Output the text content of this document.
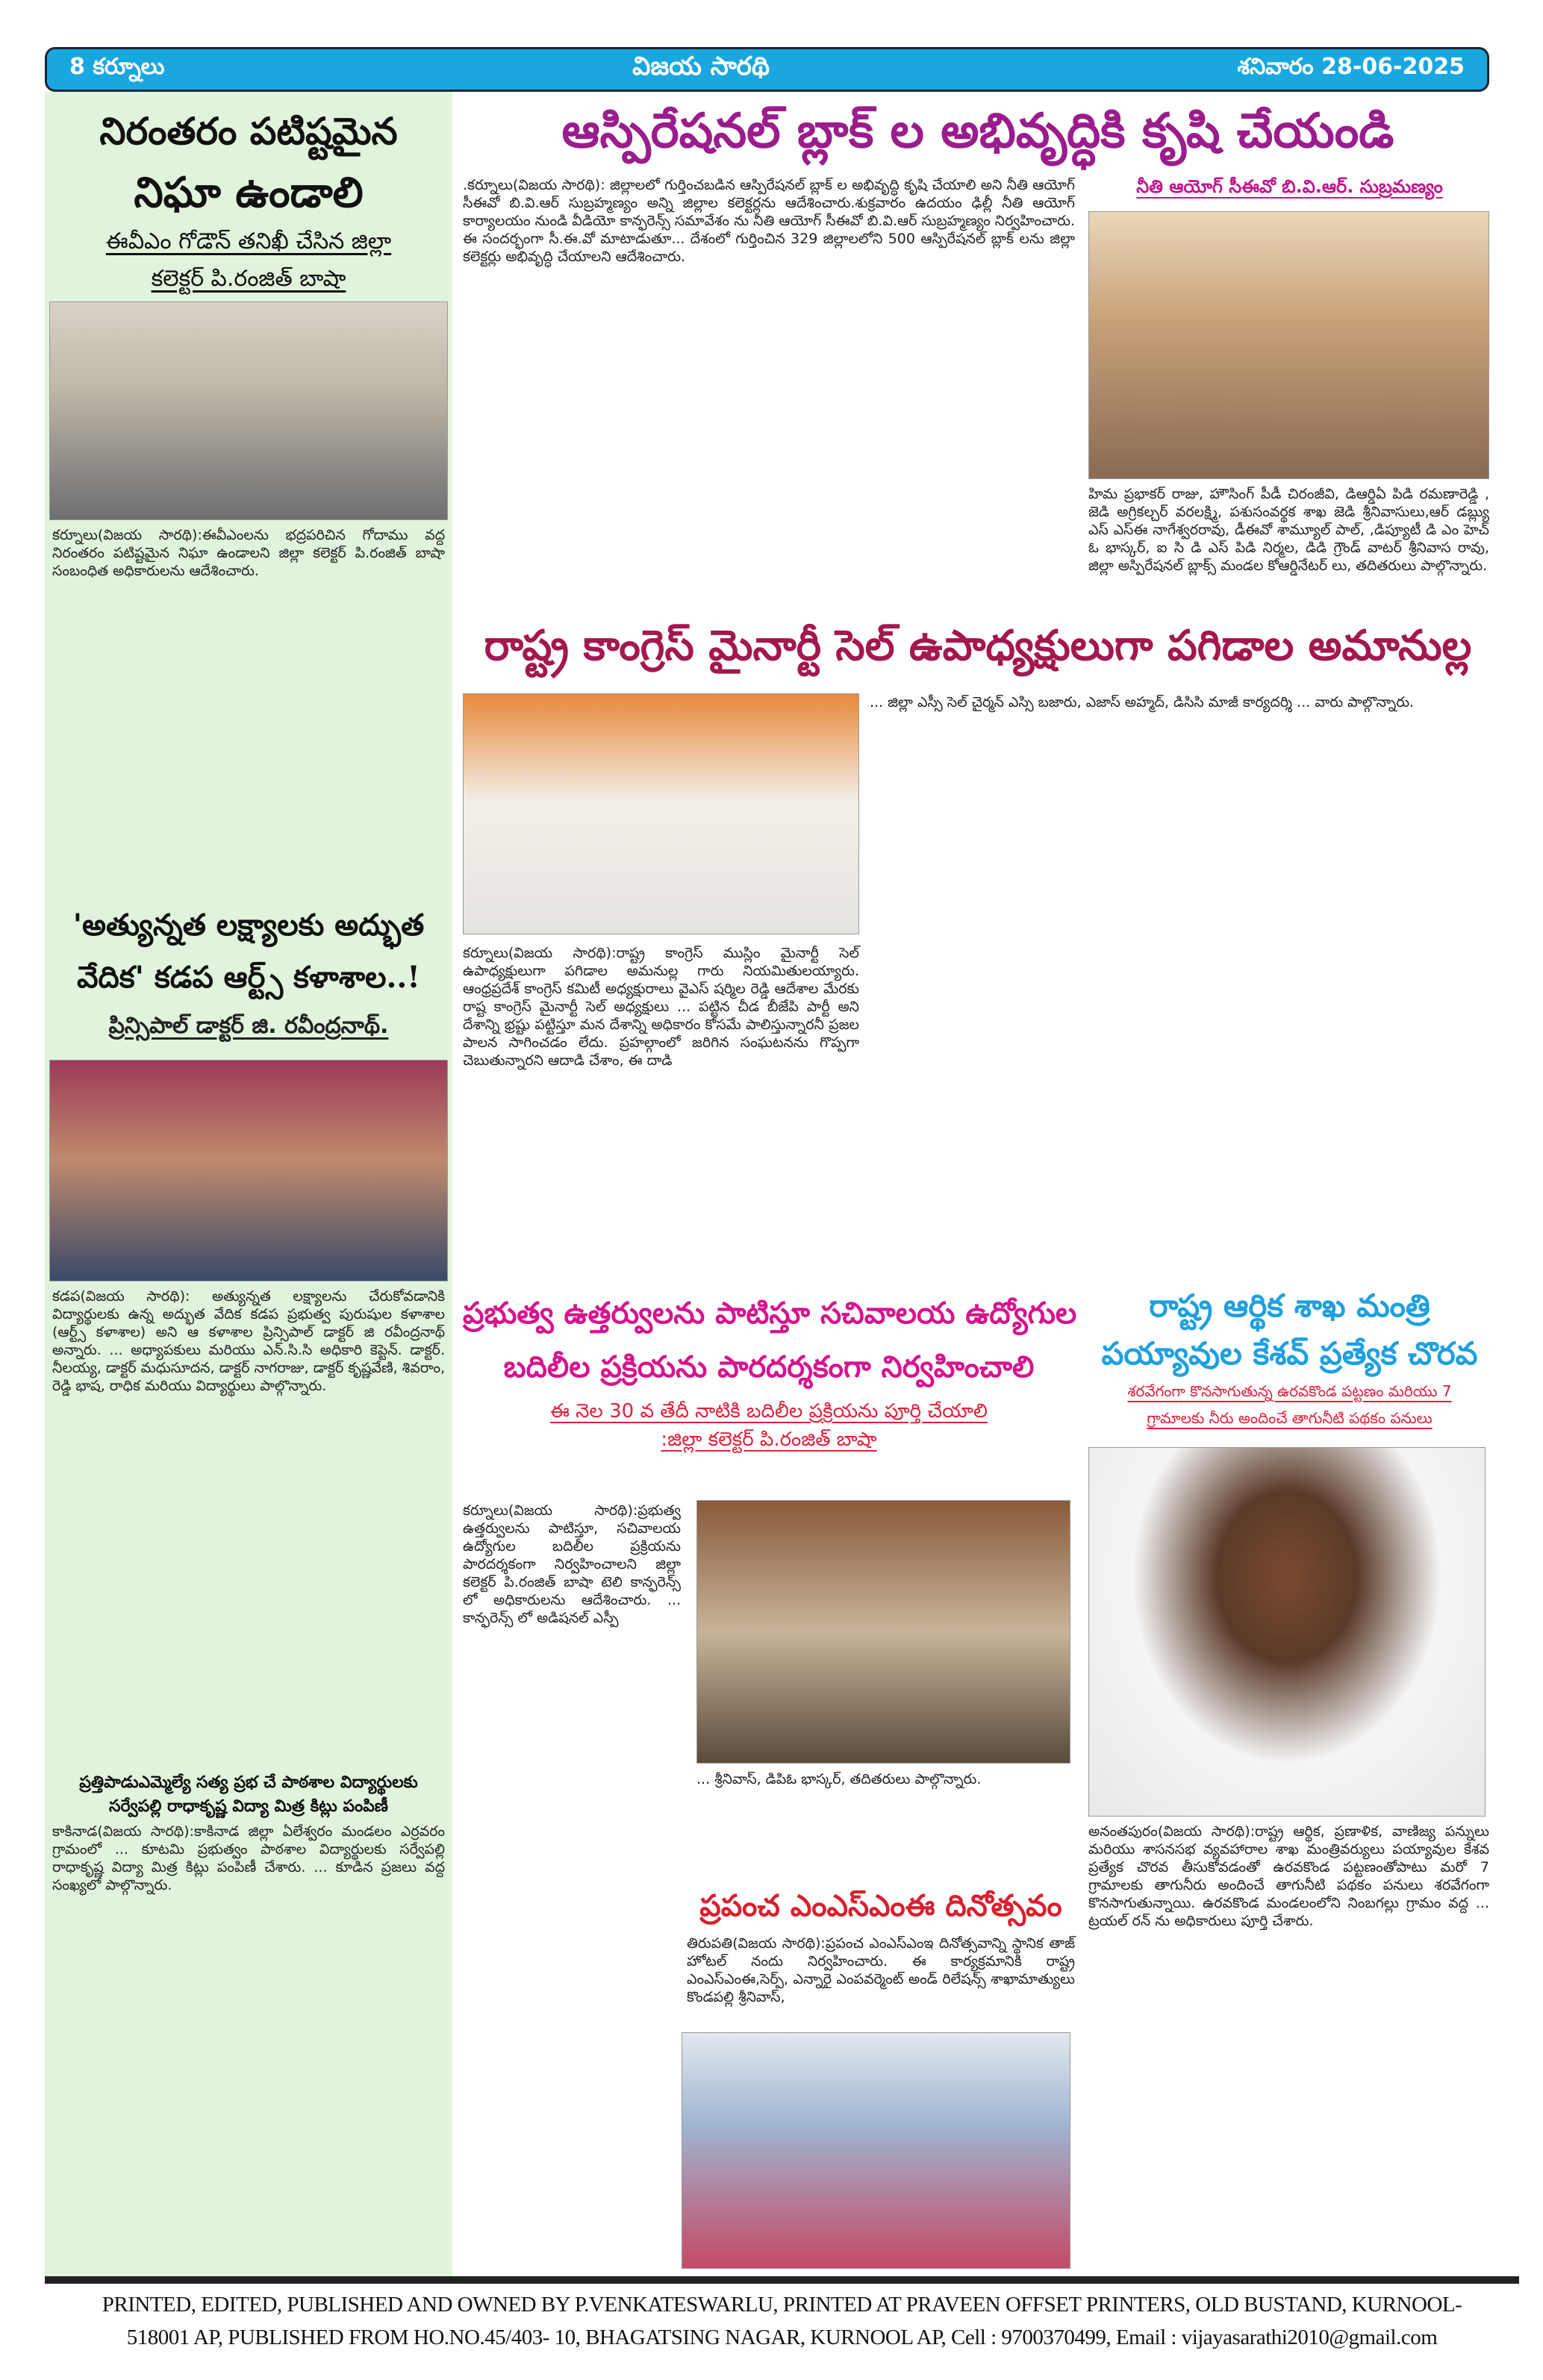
8 కర్నూలు	విజయ సారథి	శనివారం 28-06-2025
నిరంతరం పటిష్టమైన
నిఘా ఉండాలి
ఈవీఎం గోడౌన్ తనిఖీ చేసిన జిల్లా
కలెక్టర్ పి.రంజిత్ బాషా
కర్నూలు(విజయ సారథి):ఈవీఎంలను భద్రపరిచిన గోదాము వద్ద నిరంతరం పటిష్టమైన నిఘా ఉండాలని జిల్లా కలెక్టర్ పి.రంజిత్ బాషా సంబంధిత అధికారులను ఆదేశించారు.
'అత్యున్నత లక్ష్యాలకు అద్భుత
వేదిక' కడప ఆర్ట్స్ కళాశాల..!
ప్రిన్సిపాల్ డాక్టర్ జి. రవీంద్రనాథ్.
కడప(విజయ సారథి): అత్యున్నత లక్ష్యాలను చేరుకోవడానికి విద్యార్థులకు ఉన్న అద్భుత వేదిక కడప ప్రభుత్వ పురుషుల కళాశాల (ఆర్ట్స్ కళాశాల) అని ఆ కళాశాల ప్రిన్సిపాల్ డాక్టర్ జి రవీంద్రనాథ్ అన్నారు. ... అధ్యాపకులు మరియు ఎన్.సి.సి అధికారి కెప్టెన్. డాక్టర్. నీలయ్య, డాక్టర్ మధుసూదన, డాక్టర్ నాగరాజు, డాక్టర్ కృష్ణవేణి, శివరాం, రెడ్డి భాష, రాధిక మరియు విద్యార్థులు పాల్గొన్నారు.
ప్రత్తిపాడుఎమ్మెల్యే సత్య ప్రభ చే పాఠశాల విద్యార్థులకు
సర్వేపల్లి రాధాకృష్ణ విద్యా మిత్ర కిట్లు పంపిణీ
కాకినాడ(విజయ సారథి):కాకినాడ జిల్లా ఏలేశ్వరం మండలం ఎర్రవరం గ్రామంలో ... కూటమి ప్రభుత్వం పాఠశాల విద్యార్థులకు సర్వేపల్లి రాధాకృష్ణ విద్యా మిత్ర కిట్లు పంపిణీ చేశారు. ... కూడిన ప్రజలు వద్ద సంఖ్యలో పాల్గొన్నారు.
ఆస్పిరేషనల్ బ్లాక్ ల అభివృద్ధికి కృషి చేయండి
.కర్నూలు(విజయ సారథి): జిల్లాలలో గుర్తించబడిన ఆస్పిరేషనల్ బ్లాక్ ల అభివృద్ధి కృషి చేయాలి అని నీతి ఆయోగ్ సీఈవో బి.వి.ఆర్ సుబ్రహ్మణ్యం అన్ని జిల్లాల కలెక్టర్లను ఆదేశించారు.శుక్రవారం ఉదయం ఢిల్లీ నీతి ఆయోగ్ కార్యాలయం నుండి వీడియో కాన్ఫరెన్స్ సమావేశం ను నీతి ఆయోగ్ సీఈవో బి.వి.ఆర్ సుబ్రహ్మణ్యం నిర్వహించారు. ఈ సందర్భంగా సీ.ఈ.వో మాటాడుతూ... దేశంలో గుర్తించిన 329 జిల్లాలలోని 500 ఆస్పిరేషనల్ బ్లాక్ లను జిల్లా కలెక్టర్లు అభివృద్ధి చేయాలని ఆదేశించారు.
నీతి ఆయోగ్ సీఈవో బి.వి.ఆర్. సుబ్రమణ్యం
హిమ ప్రభాకర్ రాజు, హౌసింగ్ పీడీ చిరంజీవి, డిఆర్డిఏ పిడి రమణారెడ్డి , జెడి అగ్రికల్చర్ వరలక్ష్మి, పశుసంవర్థక శాఖ జెడి శ్రీనివాసులు,ఆర్ డబ్ల్యు ఎస్ ఎస్ఈ నాగేశ్వరరావు, డీఈవో శామ్యూల్ పాల్, ,డిప్యూటీ డి ఎం హెచ్ ఓ భాస్కర్, ఐ సి డి ఎస్ పిడి నిర్మల, డిడి గ్రౌండ్ వాటర్ శ్రీనివాస రావు, జిల్లా అస్పిరేషనల్ బ్లాక్స్ మండల కోఆర్డినేటర్ లు, తదితరులు పాల్గొన్నారు.
రాష్ట్ర కాంగ్రెస్ మైనార్టీ సెల్ ఉపాధ్యక్షులుగా పగిడాల అమానుల్ల
కర్నూలు(విజయ సారథి):రాష్ట్ర కాంగ్రెస్ ముస్లిం మైనార్టీ సెల్ ఉపాధ్యక్షులుగా పగిడాల అమనుల్ల గారు నియమితులయ్యారు. ఆంధ్రప్రదేశ్ కాంగ్రెస్ కమిటీ అధ్యక్షురాలు వైఎస్ షర్మిల రెడ్డి ఆదేశాల మేరకు రాష్ట కాంగ్రెస్ మైనార్టీ సెల్ అధ్యక్షులు ... పట్టిన చీడ బీజేపి పార్టీ అని దేశాన్ని భ్రష్టు పట్టిస్తూ మన దేశాన్ని అధికారం కోసమే పాలిస్తున్నారనీ ప్రజల పాలన సాగించడం లేదు. ప్రహల్గాంలో జరిగిన సంఘటనను గొప్పగా చెబుతున్నారని ఆదాడి చేశాం, ఈ దాడి
... జిల్లా ఎస్సీ సెల్ చైర్మన్ ఎస్సి బజారు, ఎజాస్ అహ్మద్, డిసిసి మాజీ కార్యదర్శి ... వారు పాల్గొన్నారు.
ప్రభుత్వ ఉత్తర్వులను పాటిస్తూ సచివాలయ ఉద్యోగుల
బదిలీల ప్రక్రియను పారదర్శకంగా నిర్వహించాలి
ఈ నెల 30 వ తేదీ నాటికి బదిలీల ప్రక్రియను పూర్తి చేయాలి
:జిల్లా కలెక్టర్ పి.రంజిత్ బాషా
కర్నూలు(విజయ సారథి):ప్రభుత్వ ఉత్తర్వులను పాటిస్తూ, సచివాలయ ఉద్యోగుల బదిలీల ప్రక్రియను పారదర్శకంగా నిర్వహించాలని జిల్లా కలెక్టర్ పి.రంజిత్ బాషా టెలి కాన్ఫరెన్స్ లో అధికారులను ఆదేశించారు. ... కాన్ఫరెన్స్ లో అడిషనల్ ఎస్పీ
... శ్రీనివాస్, డిపిఓ భాస్కర్, తదితరులు పాల్గొన్నారు.
ప్రపంచ ఎంఎస్ఎంఈ దినోత్సవం
తిరుపతి(విజయ సారథి):ప్రపంచ ఎంఎస్ఎంఇ దినోత్సవాన్ని స్థానిక తాజ్ హోటల్ నందు నిర్వహించారు. ఈ కార్యక్రమానికి రాష్ట్ర ఎంఎస్ఎంఈ,సెర్ప్, ఎన్నారై ఎంపవర్మెంట్ అండ్ రిలేషన్స్ శాఖామాత్యులు కొండపల్లి శ్రీనివాస్,
రాష్ట్ర ఆర్థిక శాఖ మంత్రి
పయ్యావుల కేశవ్ ప్రత్యేక చొరవ
శరవేగంగా కొనసాగుతున్న ఉరవకొండ పట్టణం మరియు 7
గ్రామాలకు నీరు అందించే తాగునీటి పథకం పనులు
అనంతపురం(విజయ సారథి):రాష్ట్ర ఆర్థిక, ప్రణాళిక, వాణిజ్య పన్నులు మరియు శాసనసభ వ్యవహారాల శాఖ మంత్రివర్యులు పయ్యావుల కేశవ ప్రత్యేక చొరవ తీసుకోవడంతో ఉరవకొండ పట్టణంతోపాటు మరో 7 గ్రామాలకు తాగునీరు అందించే తాగునీటి పథకం పనులు శరవేగంగా కొనసాగుతున్నాయి. ఉరవకొండ మండలంలోని నింబగల్లు గ్రామం వద్ద ... ట్రయల్ రన్ ను అధికారులు పూర్తి చేశారు.
PRINTED, EDITED, PUBLISHED AND OWNED BY P.VENKATESWARLU, PRINTED AT PRAVEEN OFFSET PRINTERS, OLD BUSTAND, KURNOOL-
518001 AP, PUBLISHED FROM HO.NO.45/403- 10, BHAGATSING NAGAR, KURNOOL AP, Cell : 9700370499, Email : vijayasarathi2010@gmail.com
